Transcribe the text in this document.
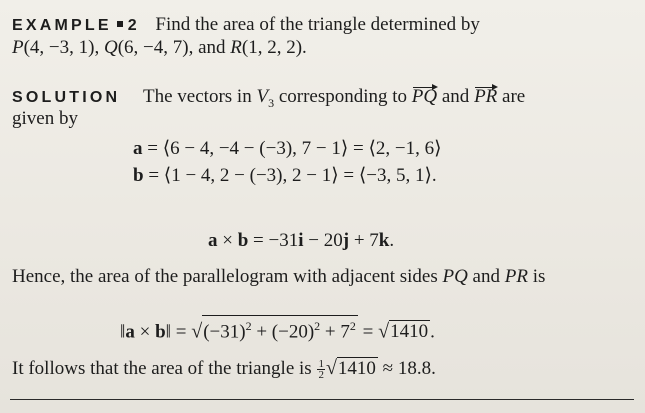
EXAMPLE 2 Find the area of the triangle determined by
P(4, −3, 1), Q(6, −4, 7), and R(1, 2, 2).
SOLUTION The vectors in $V_3$ corresponding to PQ and PR are
given by
a = ⟨6 − 4, −4 − (−3), 7 − 1⟩ = ⟨2, −1, 6⟩
b = ⟨1 − 4, 2 − (−3), 2 − 1⟩ = ⟨−3, 5, 1⟩.
a × b = −31i − 20j + 7k.
Hence, the area of the parallelogram with adjacent sides PQ and PR is
‖a × b‖ = $√(-31)^2 + (-20)^2 + 7^2 = √1410$ .
It follows that the area of the triangle is $\frac{1}{2} √1410 \approx 18.8$.
